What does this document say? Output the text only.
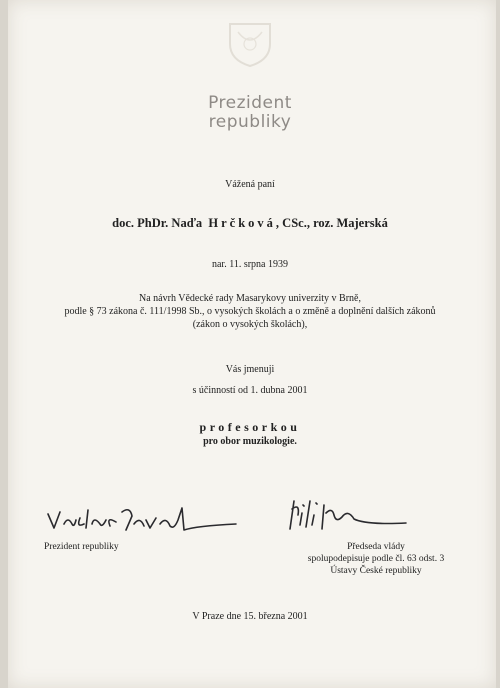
Prezident
republiky
Vážená paní
doc. PhDr. Naďa Hrčková, CSc., roz. Majerská
nar. 11. srpna 1939
Na návrh Vědecké rady Masarykovy univerzity v Brně,
podle § 73 zákona č. 111/1998 Sb., o vysokých školách a o změně a doplnění dalších zákonů
(zákon o vysokých školách),
Vás jmenuji
s účinností od 1. dubna 2001
profesorkou
pro obor muzikologie.
Prezident republiky	Předseda vlády
spolupodepisuje podle čl. 63 odst. 3
Ústavy České republiky
V Praze dne 15. března 2001
